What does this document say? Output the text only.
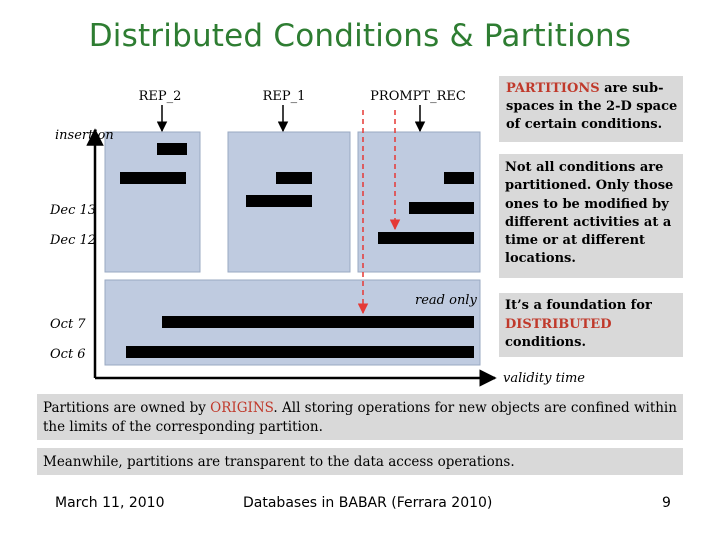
Distributed Conditions & Partitions
REP_2	REP_1	PROMPT_REC
insertion
Dec 13
Dec 12
Oct 7
Oct 6
read only
validity time
PARTITIONS are sub-spaces in the 2-D space of certain conditions.
Not all conditions are partitioned. Only those ones to be modified by different activities at a time or at different locations.
It’s a foundation for DISTRIBUTED conditions.
Partitions are owned by ORIGINS. All storing operations for new objects are confined within the limits of the corresponding partition.
Meanwhile, partitions are transparent to the data access operations.
March 11, 2010	Databases in BABAR (Ferrara 2010)	9
